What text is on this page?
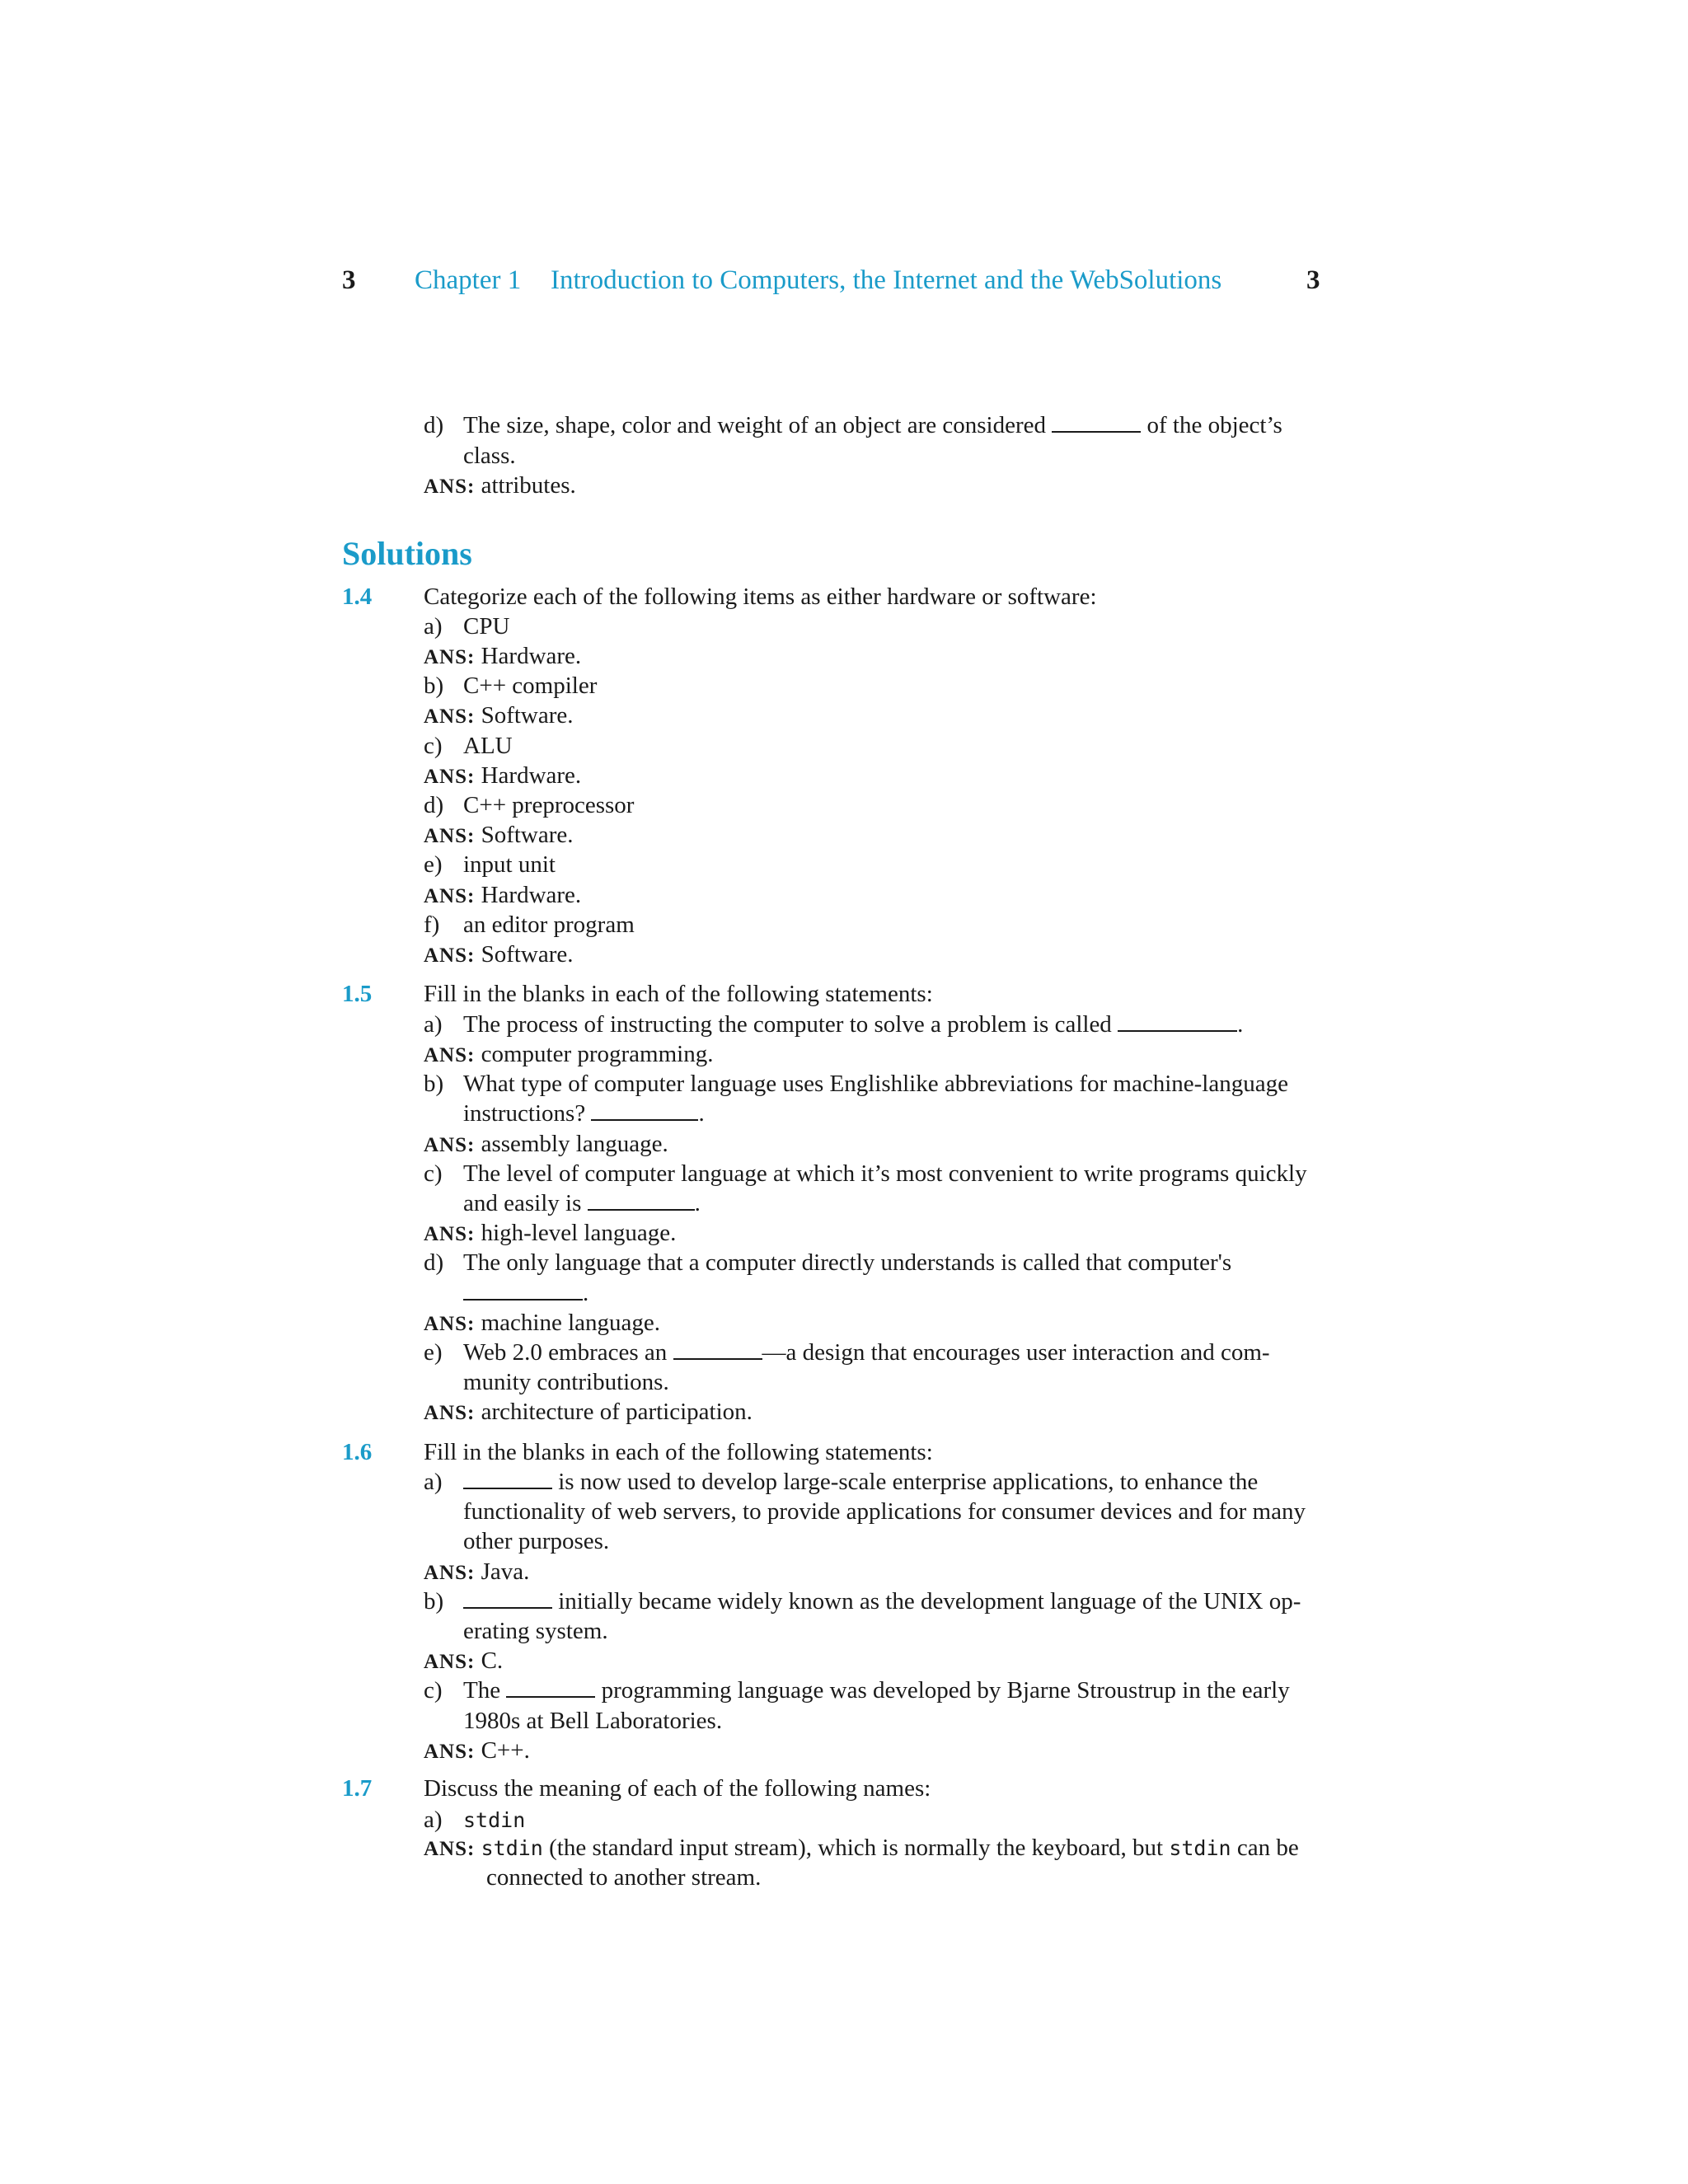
3 Chapter 1 Introduction to Computers, the Internet and the WebSolutions	3
d) The size, shape, color and weight of an object are considered	of the object’s
class.
ANS: attributes.
Solutions
1.4 Categorize each of the following items as either hardware or software:
a) CPU
ANS: Hardware.
b) C++ compiler
ANS: Software.
c) ALU
ANS: Hardware.
d) C++ preprocessor
ANS: Software.
e) input unit
ANS: Hardware.
f) an editor program
ANS: Software.
1.5 Fill in the blanks in each of the following statements:
a) The process of instructing the computer to solve a problem is called	.
ANS: computer programming.
b) What type of computer language uses Englishlike abbreviations for machine-language
instructions?	.
ANS: assembly language.
c) The level of computer language at which it’s most convenient to write programs quickly
and easily is	.
ANS: high-level language.
d) The only language that a computer directly understands is called that computer's
.
ANS: machine language.
e) Web 2.0 embraces an	—a design that encourages user interaction and com-
munity contributions.
ANS: architecture of participation.
1.6 Fill in the blanks in each of the following statements:
a)	is now used to develop large-scale enterprise applications, to enhance the
functionality of web servers, to provide applications for consumer devices and for many
other purposes.
ANS: Java.
b)	initially became widely known as the development language of the UNIX op-
erating system.
ANS: C.
c) The	programming language was developed by Bjarne Stroustrup in the early
1980s at Bell Laboratories.
ANS: C++.
1.7 Discuss the meaning of each of the following names:
a) stdin
ANS: stdin (the standard input stream), which is normally the keyboard, but stdin can be
connected to another stream.
